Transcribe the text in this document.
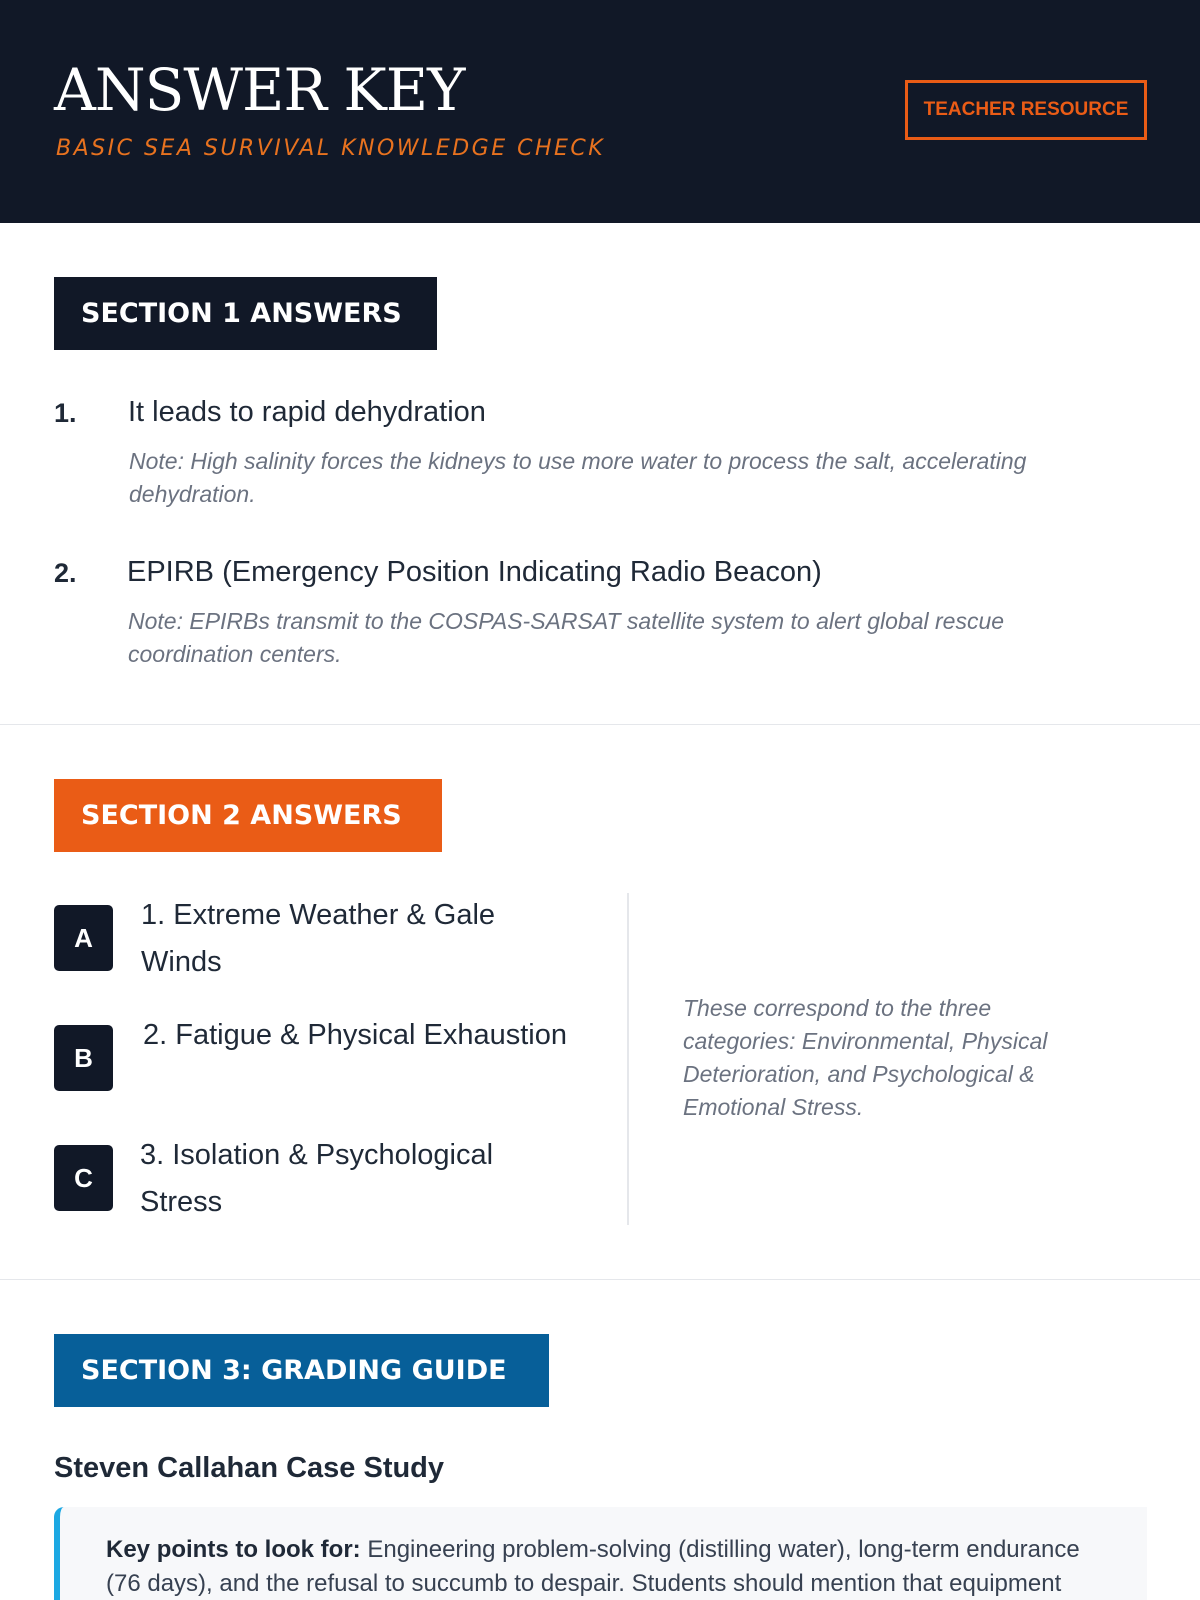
ANSWER KEY
BASIC SEA SURVIVAL KNOWLEDGE CHECK
TEACHER RESOURCE
SECTION 1 ANSWERS
1. It leads to rapid dehydration
Note: High salinity forces the kidneys to use more water to process the salt, accelerating dehydration.
2. EPIRB (Emergency Position Indicating Radio Beacon)
Note: EPIRBs transmit to the COSPAS-SARSAT satellite system to alert global rescue coordination centers.
SECTION 2 ANSWERS
A
1. Extreme Weather & Gale Winds
B
2. Fatigue & Physical Exhaustion
C
3. Isolation & Psychological Stress
These correspond to the three categories: Environmental, Physical Deterioration, and Psychological & Emotional Stress.
SECTION 3: GRADING GUIDE
Steven Callahan Case Study
Key points to look for: Engineering problem-solving (distilling water), long-term endurance (76 days), and the refusal to succumb to despair. Students should mention that equipment
